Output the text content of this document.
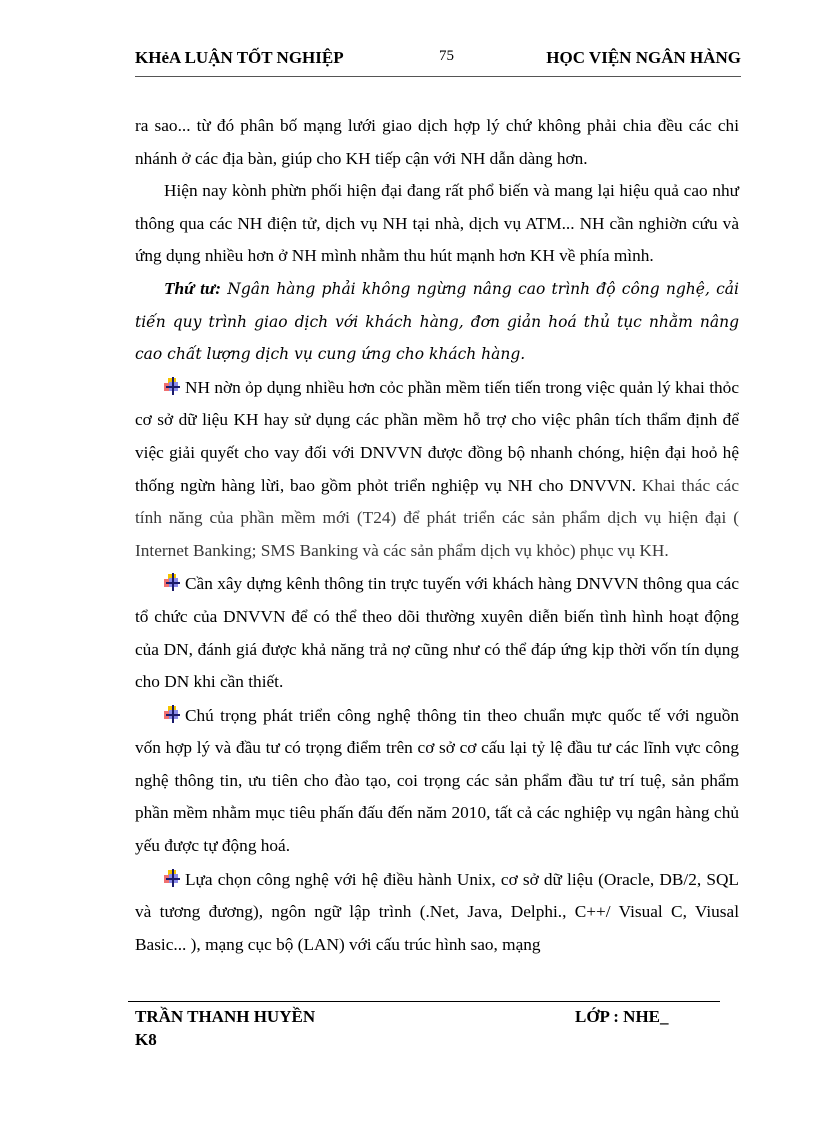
KHẻA LUẬN TỐT NGHIỆP	75	HỌC VIỆN NGÂN HÀNG

ra sao... từ đó phân bố mạng lưới giao dịch hợp lý chứ không phải chia đều các chi nhánh ở các địa bàn, giúp cho KH tiếp cận với NH dẫn dàng hơn.

Hiện nay kònh phừn phối hiện đại đang rất phổ biến và mang lại hiệu quả cao như thông qua các NH điện tử, dịch vụ NH tại nhà, dịch vụ ATM... NH cần nghiờn cứu và ứng dụng nhiều hơn ở NH mình nhằm thu hút mạnh hơn KH về phía mình.

Thứ tư: Ngân hàng phải không ngừng nâng cao trình độ công nghệ, cải tiến quy trình giao dịch với khách hàng, đơn giản hoá thủ tục nhằm nâng cao chất lượng dịch vụ cung ứng cho khách hàng.

NH nờn ỏp dụng nhiều hơn cỏc phần mềm tiến tiến trong việc quản lý khai thỏc cơ sở dữ liệu KH hay sử dụng các phần mềm hỗ trợ cho việc phân tích thẩm định để việc giải quyết cho vay đối với DNVVN được đồng bộ nhanh chóng, hiện đại hoỏ hệ thống ngừn hàng lừi, bao gồm phỏt triển nghiệp vụ NH cho DNVVN. Khai thác các tính năng của phần mềm mới (T24) để phát triển các sản phẩm dịch vụ hiện đại ( Internet Banking; SMS Banking và các sản phẩm dịch vụ khỏc) phục vụ KH.

Cần xây dựng kênh thông tin trực tuyến với khách hàng DNVVN thông qua các tổ chức của DNVVN để có thể theo dõi thường xuyên diễn biến tình hình hoạt động của DN, đánh giá được khả năng trả nợ cũng như có thể đáp ứng kịp thời vốn tín dụng cho DN khi cần thiết.

Chú trọng phát triển công nghệ thông tin theo chuẩn mực quốc tế với nguồn vốn hợp lý và đầu tư có trọng điểm trên cơ sở cơ cấu lại tỷ lệ đầu tư các lĩnh vực công nghệ thông tin, ưu tiên cho đào tạo, coi trọng các sản phẩm đầu tư trí tuệ, sản phẩm phần mềm nhằm mục tiêu phấn đấu đến năm 2010, tất cả các nghiệp vụ ngân hàng chủ yếu được tự động hoá.

Lựa chọn công nghệ với hệ điều hành Unix, cơ sở dữ liệu (Oracle, DB/2, SQL và tương đương), ngôn ngữ lập trình (.Net, Java, Delphi., C++/ Visual C, Viusal Basic... ), mạng cục bộ (LAN) với cấu trúc hình sao, mạng

TRẦN THANH HUYỀN	LỚP : NHE_
K8
